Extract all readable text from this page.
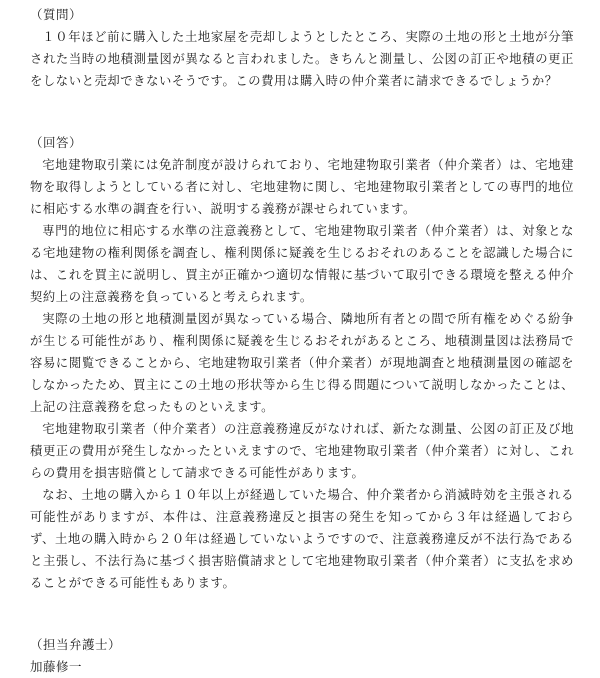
（質問）

１０年ほど前に購入した土地家屋を売却しようとしたところ、実際の土地の形と土地が分筆された当時の地積測量図が異なると言われました。きちんと測量し、公図の訂正や地積の更正をしないと売却できないそうです。この費用は購入時の仲介業者に請求できるでしょうか？

（回答）

宅地建物取引業には免許制度が設けられており、宅地建物取引業者（仲介業者）は、宅地建物を取得しようとしている者に対し、宅地建物に関し、宅地建物取引業者としての専門的地位に相応する水準の調査を行い、説明する義務が課せられています。

専門的地位に相応する水準の注意義務として、宅地建物取引業者（仲介業者）は、対象となる宅地建物の権利関係を調査し、権利関係に疑義を生じるおそれのあることを認識した場合には、これを買主に説明し、買主が正確かつ適切な情報に基づいて取引できる環境を整える仲介契約上の注意義務を負っていると考えられます。

実際の土地の形と地積測量図が異なっている場合、隣地所有者との間で所有権をめぐる紛争が生じる可能性があり、権利関係に疑義を生じるおそれがあるところ、地積測量図は法務局で容易に閲覧できることから、宅地建物取引業者（仲介業者）が現地調査と地積測量図の確認をしなかったため、買主にこの土地の形状等から生じ得る問題について説明しなかったことは、上記の注意義務を怠ったものといえます。

宅地建物取引業者（仲介業者）の注意義務違反がなければ、新たな測量、公図の訂正及び地積更正の費用が発生しなかったといえますので、宅地建物取引業者（仲介業者）に対し、これらの費用を損害賠償として請求できる可能性があります。

なお、土地の購入から１０年以上が経過していた場合、仲介業者から消滅時効を主張される可能性がありますが、本件は、注意義務違反と損害の発生を知ってから３年は経過しておらず、土地の購入時から２０年は経過していないようですので、注意義務違反が不法行為であると主張し、不法行為に基づく損害賠償請求として宅地建物取引業者（仲介業者）に支払を求めることができる可能性もあります。

（担当弁護士）
加藤修一
